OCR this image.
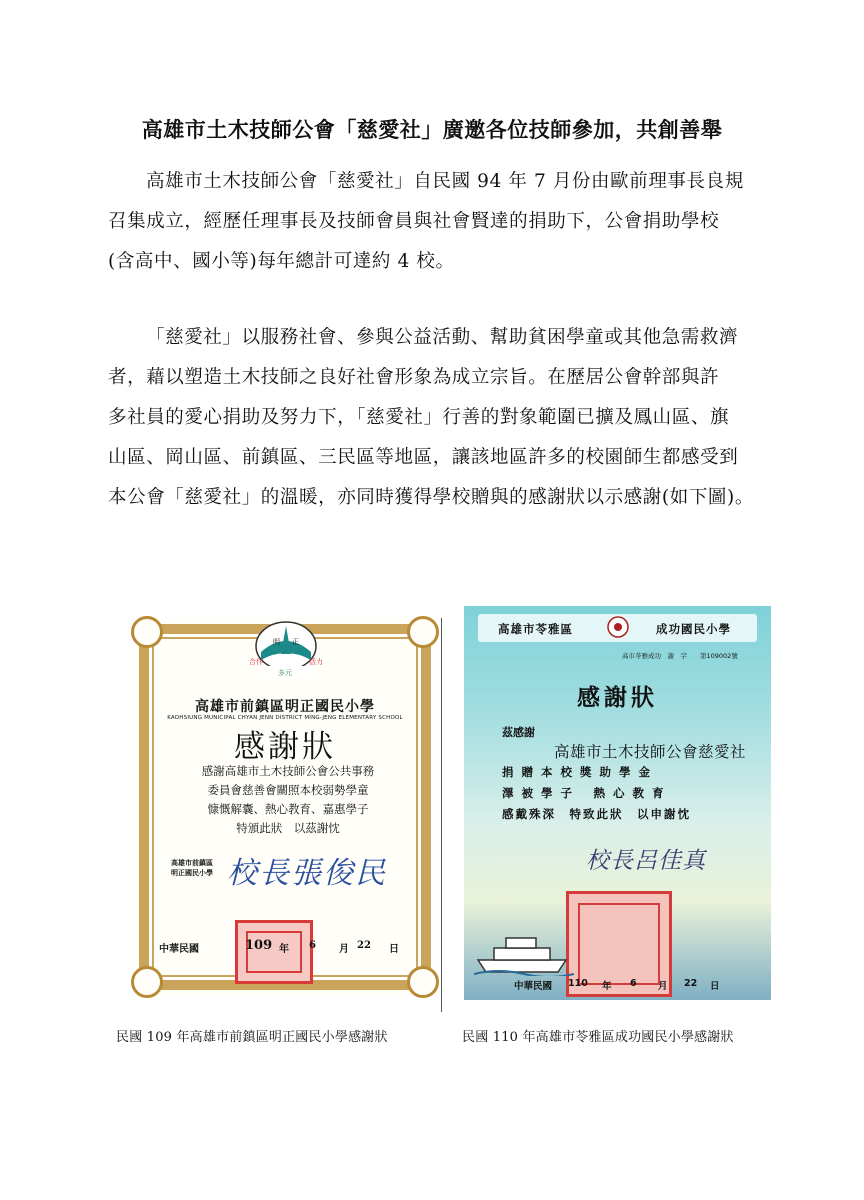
高雄市土木技師公會「慈愛社」廣邀各位技師參加，共創善舉
高雄市土木技師公會「慈愛社」自民國 94 年 7 月份由歐前理事長良規
召集成立，經歷任理事長及技師會員與社會賢達的捐助下，公會捐助學校
(含高中、國小等)每年總計可達約 4 校。
「慈愛社」以服務社會、參與公益活動、幫助貧困學童或其他急需救濟
者，藉以塑造土木技師之良好社會形象為成立宗旨。在歷居公會幹部與許
多社員的愛心捐助及努力下，「慈愛社」行善的對象範圍已擴及鳳山區、旗
山區、岡山區、前鎮區、三民區等地區，讓該地區許多的校園師生都感受到
本公會「慈愛社」的溫暖，亦同時獲得學校贈與的感謝狀以示感謝(如下圖)。
明 正
合作
多元
活力
高雄市前鎮區明正國民小學
KAOHSIUNG MUNICIPAL CHYAN JENN DISTRICT MING-JENG ELEMENTARY SCHOOL
感謝狀
感謝高雄市土木技師公會公共事務
委員會慈善會關照本校弱勢學童
慷慨解囊、熱心教育、嘉惠學子
特頒此狀　以茲謝忱
高雄市前鎮區
明正國民小學 校長張俊民
中華民國	109 年 6 月 22 日
高雄市苓雅區	成功國民小學
高市苓雅成功　謝　字　　第109002號
感謝狀
茲感謝
高雄市土木技師公會慈愛社
捐 贈 本 校 獎 助 學 金
澤 被 學 子　 熱 心 教 育
感戴殊深　特致此狀　以申謝忱
校長呂佳真
中華民國 110 年 6 月 22 日
民國 109 年高雄市前鎮區明正國民小學感謝狀	民國 110 年高雄市苓雅區成功國民小學感謝狀
